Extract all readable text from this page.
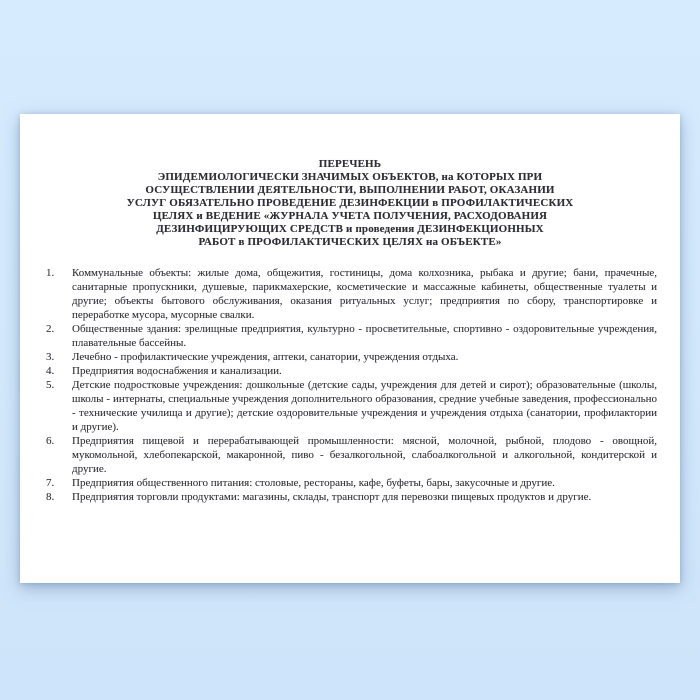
ПЕРЕЧЕНЬ
ЭПИДЕМИОЛОГИЧЕСКИ ЗНАЧИМЫХ ОБЪЕКТОВ, на КОТОРЫХ ПРИ
ОСУЩЕСТВЛЕНИИ ДЕЯТЕЛЬНОСТИ, ВЫПОЛНЕНИИ РАБОТ, ОКАЗАНИИ
УСЛУГ ОБЯЗАТЕЛЬНО ПРОВЕДЕНИЕ ДЕЗИНФЕКЦИИ в ПРОФИЛАКТИЧЕСКИХ
ЦЕЛЯХ и ВЕДЕНИЕ «ЖУРНАЛА УЧЕТА ПОЛУЧЕНИЯ, РАСХОДОВАНИЯ
ДЕЗИНФИЦИРУЮЩИХ СРЕДСТВ и проведения ДЕЗИНФЕКЦИОННЫХ
РАБОТ в ПРОФИЛАКТИЧЕСКИХ ЦЕЛЯХ на ОБЪЕКТЕ»
1.	Коммунальные объекты: жилые дома, общежития, гостиницы, дома колхозника, рыбака и другие; бани, прачечные, санитарные пропускники, душевые, парикмахерские, косметические и массажные кабинеты, общественные туалеты и другие; объекты бытового обслуживания, оказания ритуальных услуг; предприятия по сбору, транспортировке и переработке мусора, мусорные свалки.
2.	Общественные здания: зрелищные предприятия, культурно - просветительные, спортивно - оздоровительные учреждения, плавательные бассейны.
3.	Лечебно - профилактические учреждения, аптеки, санатории, учреждения отдыха.
4.	Предприятия водоснабжения и канализации.
5.	Детские подростковые учреждения: дошкольные (детские сады, учреждения для детей и сирот); образовательные (школы, школы - интернаты, специальные учреждения дополнительного образования, средние учебные заведения, профессионально - технические училища и другие); детские оздоровительные учреждения и учреждения отдыха (санатории, профилактории и другие).
6.	Предприятия пищевой и перерабатывающей промышленности: мясной, молочной, рыбной, плодово - овощной, мукомольной, хлебопекарской, макаронной, пиво - безалкогольной, слабоалкогольной и алкогольной, кондитерской и другие.
7.	Предприятия общественного питания: столовые, рестораны, кафе, буфеты, бары, закусочные и другие.
8.	Предприятия торговли продуктами: магазины, склады, транспорт для перевозки пищевых продуктов и другие.
